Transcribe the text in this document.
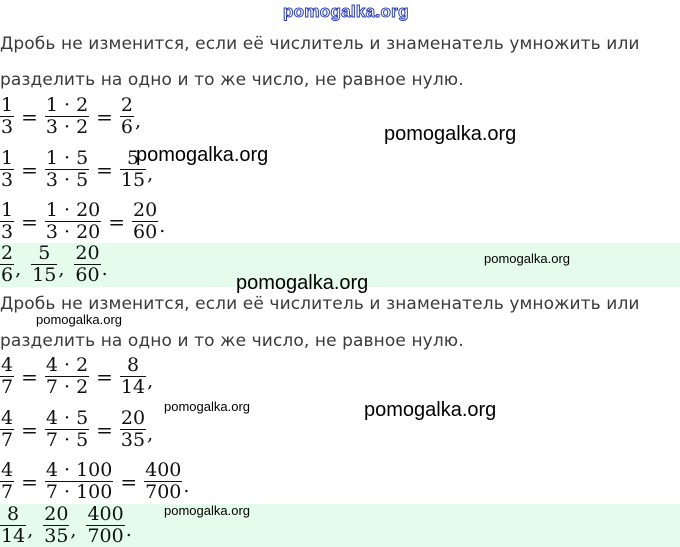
pomogalka.org
Дробь не изменится, если её числитель и знаменатель умножить или
разделить на одно и то же число, не равное нулю.
$\frac{1}{3} = \frac{1 \cdot 2}{3 \cdot 2} = \frac{2}{6}$ ,
$\frac{1}{3} = \frac{1 \cdot 5}{3 \cdot 5} = \frac{5}{15}$ ,
$\frac{1}{3} = \frac{1 \cdot 20}{3 \cdot 20} = \frac{20}{60}$ .
$\frac{2}{6}$ , $\frac{5}{15}$ , $\frac{20}{60}$ .
Дробь не изменится, если её числитель и знаменатель умножить или
разделить на одно и то же число, не равное нулю.
$\frac{4}{7} = \frac{4 \cdot 2}{7 \cdot 2} = \frac{8}{14}$ ,
$\frac{4}{7} = \frac{4 \cdot 5}{7 \cdot 5} = \frac{20}{35}$ ,
$\frac{4}{7} = \frac{4 \cdot 100}{7 \cdot 100} = \frac{400}{700}$ .
$\frac{8}{14}$ , $\frac{20}{35}$ , $\frac{400}{700}$ .
pomogalka.org
pomogalka.org
pomogalka.org
pomogalka.org
pomogalka.org
pomogalka.org	pomogalka.org
pomogalka.org
